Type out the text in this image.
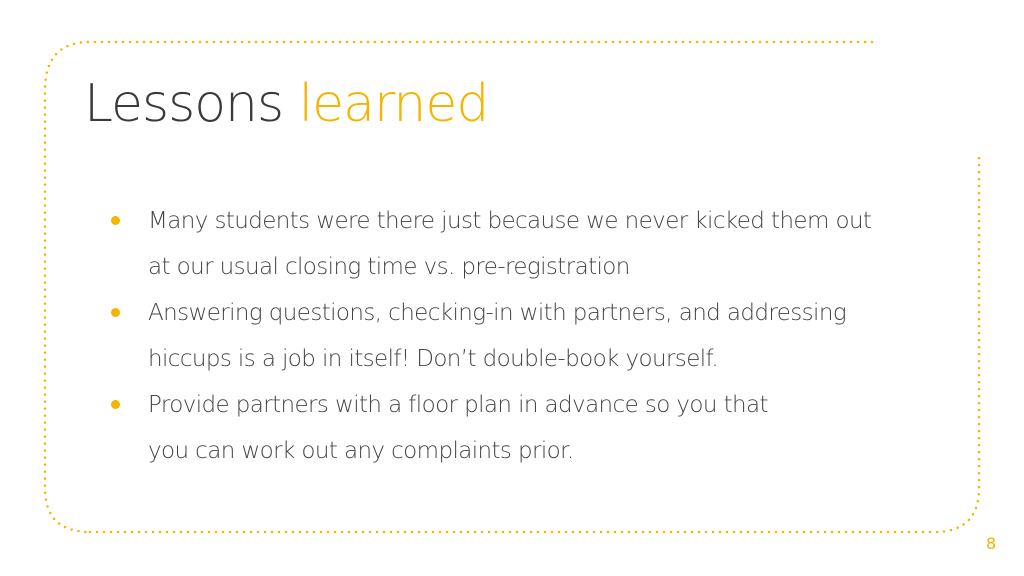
Lessons learned
Many students were there just because we never kicked them out
at our usual closing time vs. pre-registration
Answering questions, checking-in with partners, and addressing
hiccups is a job in itself! Don’t double-book yourself.
Provide partners with a floor plan in advance so you that
you can work out any complaints prior.
8
